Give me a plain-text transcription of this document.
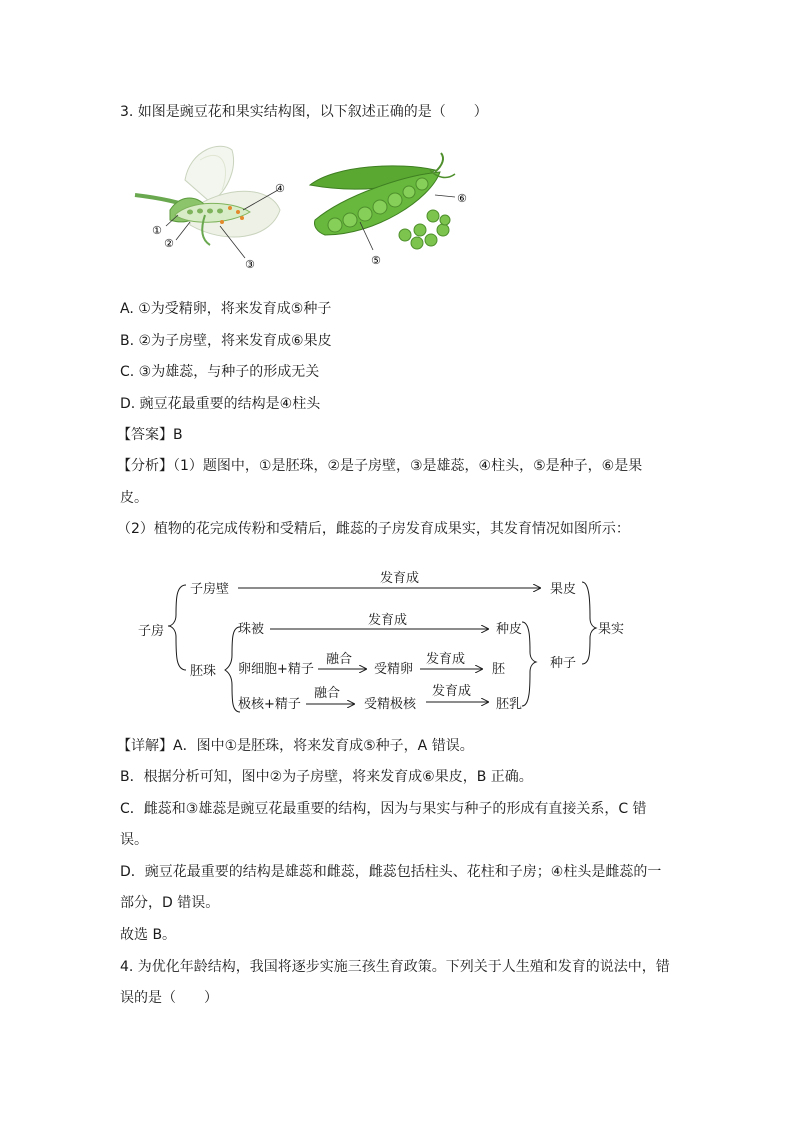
3. 如图是豌豆花和果实结构图，以下叙述正确的是（　　）
④
①
②
③
⑥
⑤
A. ①为受精卵，将来发育成⑤种子
B. ②为子房壁，将来发育成⑥果皮
C. ③为雄蕊，与种子的形成无关
D. 豌豆花最重要的结构是④柱头
【答案】B
【分析】（1）题图中，①是胚珠，②是子房壁，③是雄蕊，④柱头，⑤是种子，⑥是果
皮。
（2）植物的花完成传粉和受精后，雌蕊的子房发育成果实，其发育情况如图所示：
子房
子房壁
发育成
果皮
胚珠
珠被
发育成
种皮
卵细胞+精子
融合
受精卵
发育成
胚
极核+精子
融合
受精极核
发育成
胚乳
种子
果实
【详解】A．图中①是胚珠，将来发育成⑤种子，A 错误。
B．根据分析可知，图中②为子房壁，将来发育成⑥果皮，B 正确。
C．雌蕊和③雄蕊是豌豆花最重要的结构，因为与果实与种子的形成有直接关系，C 错
误。
D．豌豆花最重要的结构是雄蕊和雌蕊，雌蕊包括柱头、花柱和子房；④柱头是雌蕊的一
部分，D 错误。
故选 B。
4. 为优化年龄结构，我国将逐步实施三孩生育政策。下列关于人生殖和发育的说法中，错
误的是（　　）
